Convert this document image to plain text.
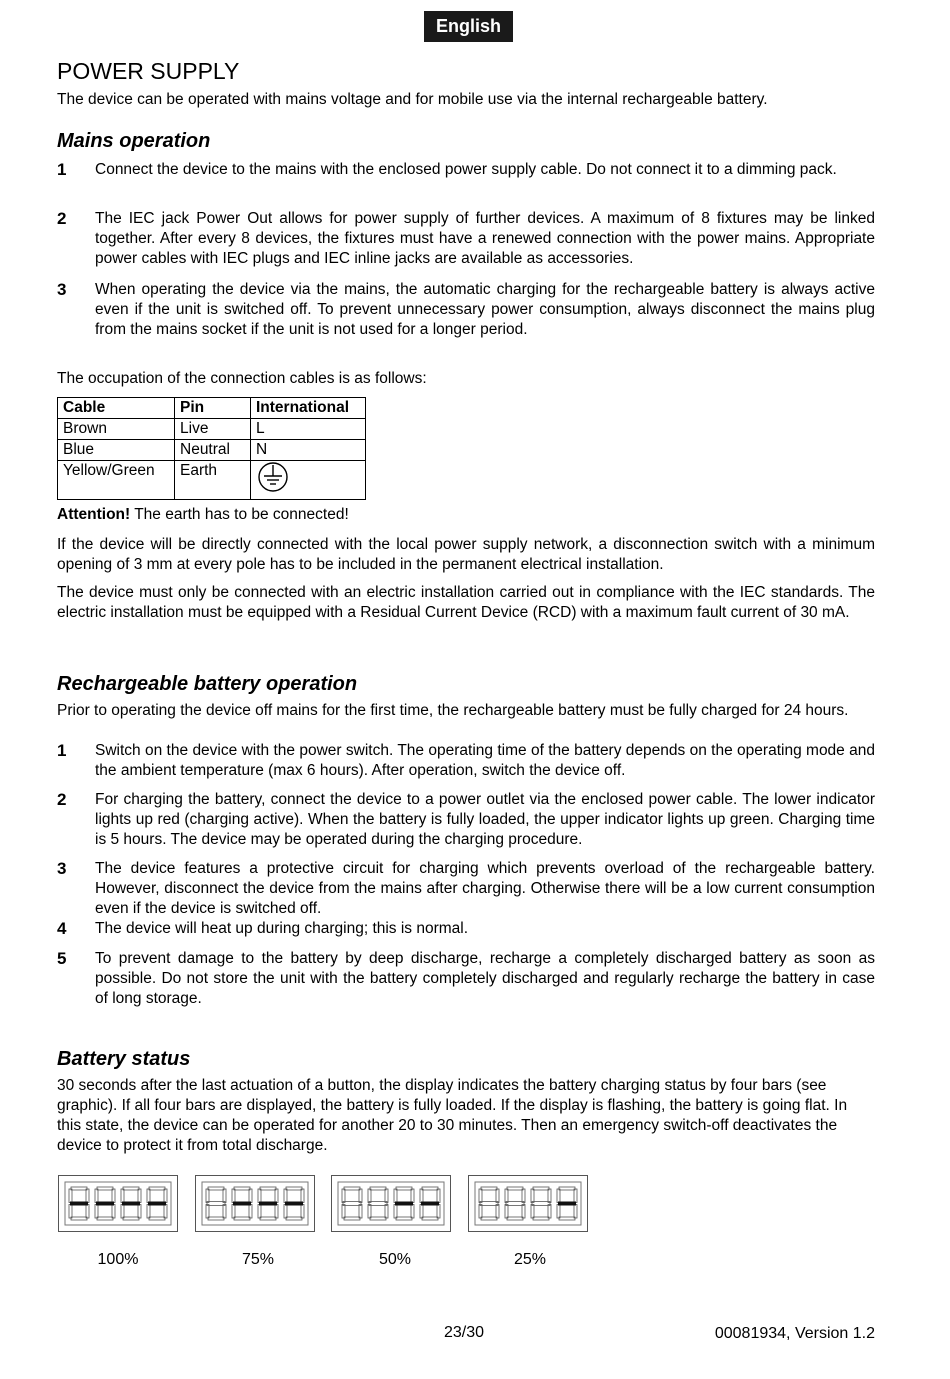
English
POWER SUPPLY

The device can be operated with mains voltage and for mobile use via the internal rechargeable battery.

Mains operation
1 Connect the device to the mains with the enclosed power supply cable. Do not connect it to a dimming pack.

2 The IEC jack Power Out allows for power supply of further devices. A maximum of 8 fixtures may be linked together. After every 8 devices, the fixtures must have a renewed connection with the power mains. Appropriate power cables with IEC plugs and IEC inline jacks are available as accessories.

3 When operating the device via the mains, the automatic charging for the rechargeable battery is always active even if the unit is switched off. To prevent unnecessary power consumption, always disconnect the mains plug from the mains socket if the unit is not used for a longer period.

The occupation of the connection cables is as follows:

Cable	Pin	International
Brown	Live	L
Blue	Neutral	N
Yellow/Green	Earth	

Attention! The earth has to be connected!

If the device will be directly connected with the local power supply network, a disconnection switch with a minimum opening of 3 mm at every pole has to be included in the permanent electrical installation.

The device must only be connected with an electric installation carried out in compliance with the IEC standards. The electric installation must be equipped with a Residual Current Device (RCD) with a maximum fault current of 30 mA.

Rechargeable battery operation

Prior to operating the device off mains for the first time, the rechargeable battery must be fully charged for 24 hours.

1 Switch on the device with the power switch. The operating time of the battery depends on the operating mode and the ambient temperature (max 6 hours). After operation, switch the device off.

2 For charging the battery, connect the device to a power outlet via the enclosed power cable. The lower indicator lights up red (charging active). When the battery is fully loaded, the upper indicator lights up green. Charging time is 5 hours. The device may be operated during the charging procedure.

3 The device features a protective circuit for charging which prevents overload of the rechargeable battery. However, disconnect the device from the mains after charging. Otherwise there will be a low current consumption even if the device is switched off.

4 The device will heat up during charging; this is normal.

5 To prevent damage to the battery by deep discharge, recharge a completely discharged battery as soon as possible. Do not store the unit with the battery completely discharged and regularly recharge the battery in case of long storage.

Battery status

30 seconds after the last actuation of a button, the display indicates the battery charging status by four bars (see graphic). If all four bars are displayed, the battery is fully loaded. If the display is flashing, the battery is going flat. In this state, the device can be operated for another 20 to 30 minutes. Then an emergency switch-off deactivates the device to protect it from total discharge.

100%	75%	50%	25%
23/30	00081934, Version 1.2
